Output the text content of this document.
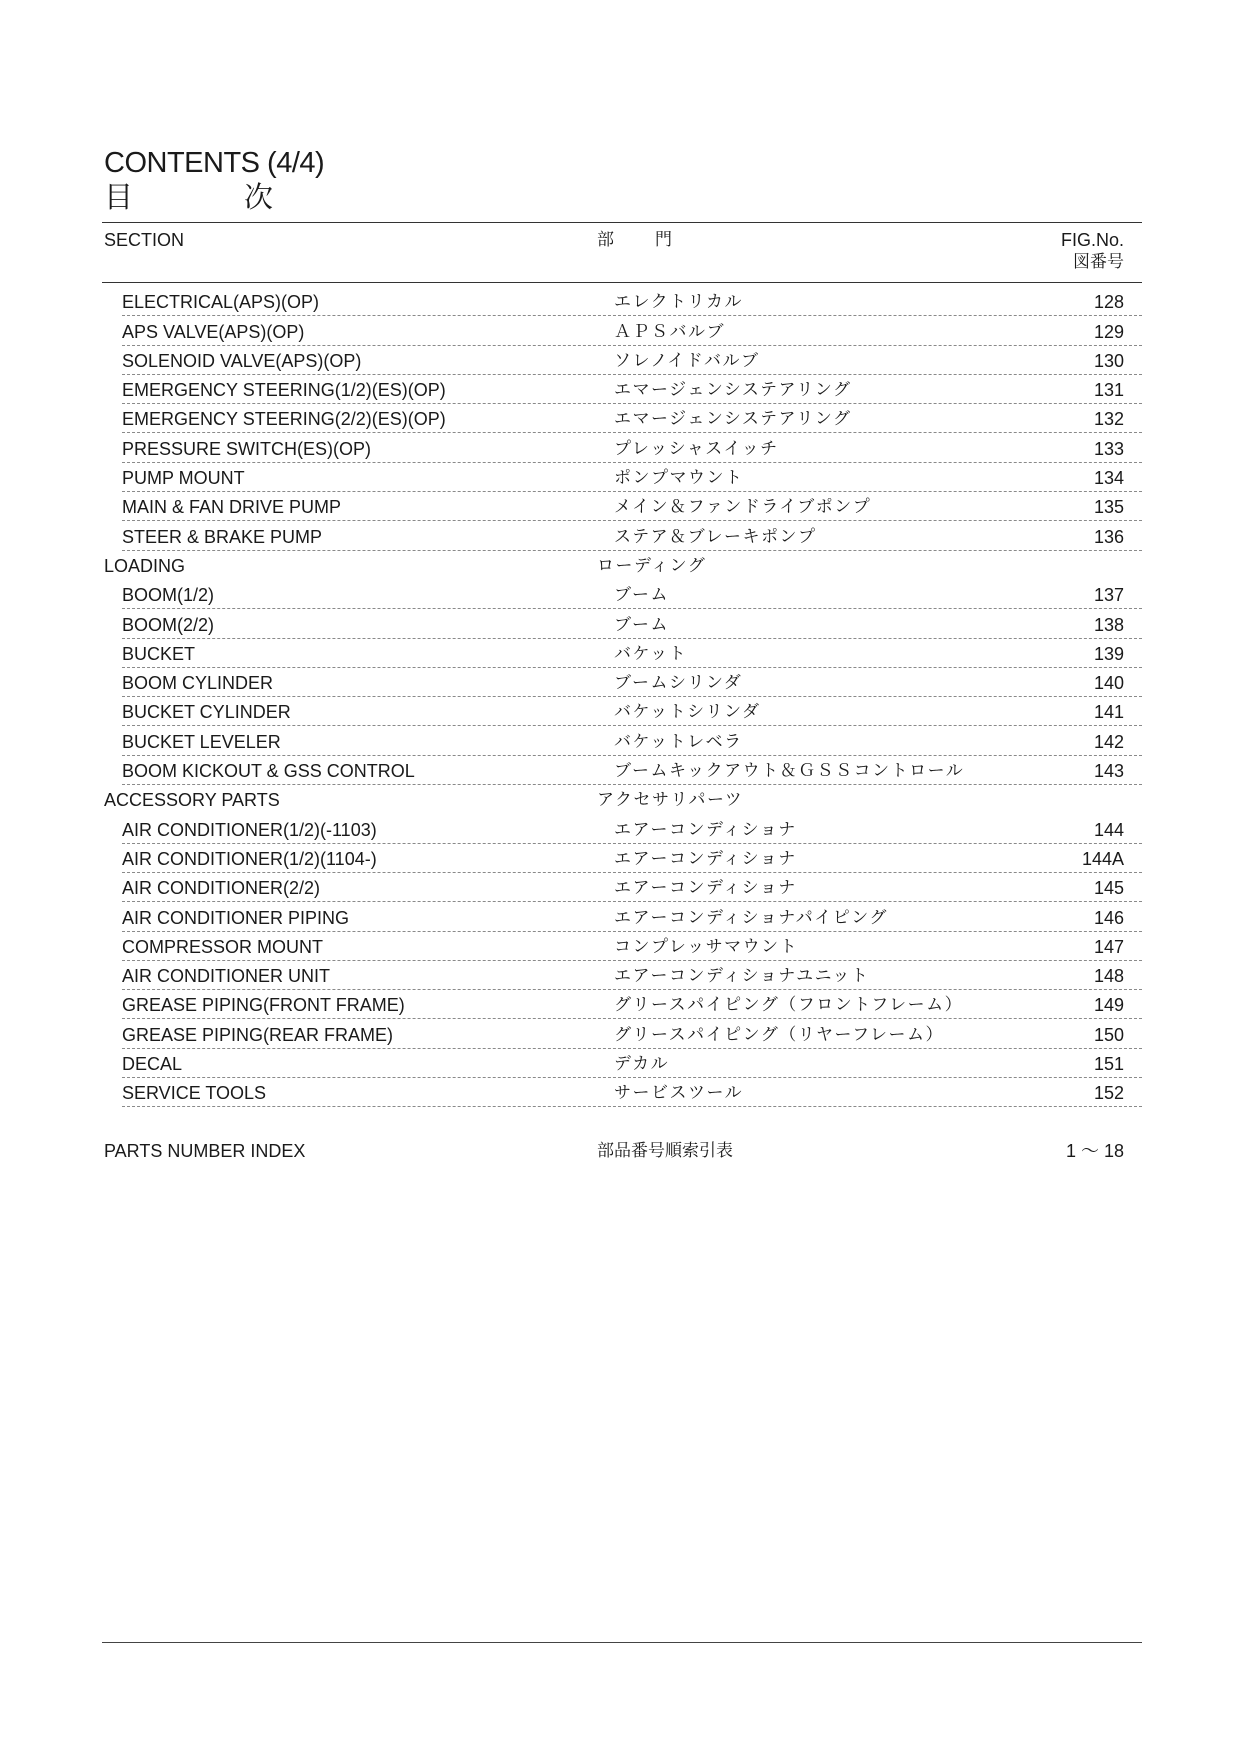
CONTENTS (4/4)
目	次
SECTION	部 門	FIG.No.
図番号
ELECTRICAL(APS)(OP)	エレクトリカル	128
APS VALVE(APS)(OP)	ＡＰＳバルブ	129
SOLENOID VALVE(APS)(OP)	ソレノイドバルブ	130
EMERGENCY STEERING(1/2)(ES)(OP)	エマージェンシステアリング	131
EMERGENCY STEERING(2/2)(ES)(OP)	エマージェンシステアリング	132
PRESSURE SWITCH(ES)(OP)	プレッシャスイッチ	133
PUMP MOUNT	ポンプマウント	134
MAIN & FAN DRIVE PUMP	メイン＆ファンドライブポンプ	135
STEER & BRAKE PUMP	ステア＆ブレーキポンプ	136
LOADING	ローディング
BOOM(1/2)	ブーム	137
BOOM(2/2)	ブーム	138
BUCKET	バケット	139
BOOM CYLINDER	ブームシリンダ	140
BUCKET CYLINDER	バケットシリンダ	141
BUCKET LEVELER	バケットレベラ	142
BOOM KICKOUT & GSS CONTROL	ブームキックアウト＆ＧＳＳコントロール	143
ACCESSORY PARTS	アクセサリパーツ
AIR CONDITIONER(1/2)(-1103)	エアーコンディショナ	144
AIR CONDITIONER(1/2)(1104-)	エアーコンディショナ	144A
AIR CONDITIONER(2/2)	エアーコンディショナ	145
AIR CONDITIONER PIPING	エアーコンディショナパイピング	146
COMPRESSOR MOUNT	コンプレッサマウント	147
AIR CONDITIONER UNIT	エアーコンディショナユニット	148
GREASE PIPING(FRONT FRAME)	グリースパイピング（フロントフレーム）	149
GREASE PIPING(REAR FRAME)	グリースパイピング（リヤーフレーム）	150
DECAL	デカル	151
SERVICE TOOLS	サービスツール	152
PARTS NUMBER INDEX	部品番号順索引表	1 〜 18
